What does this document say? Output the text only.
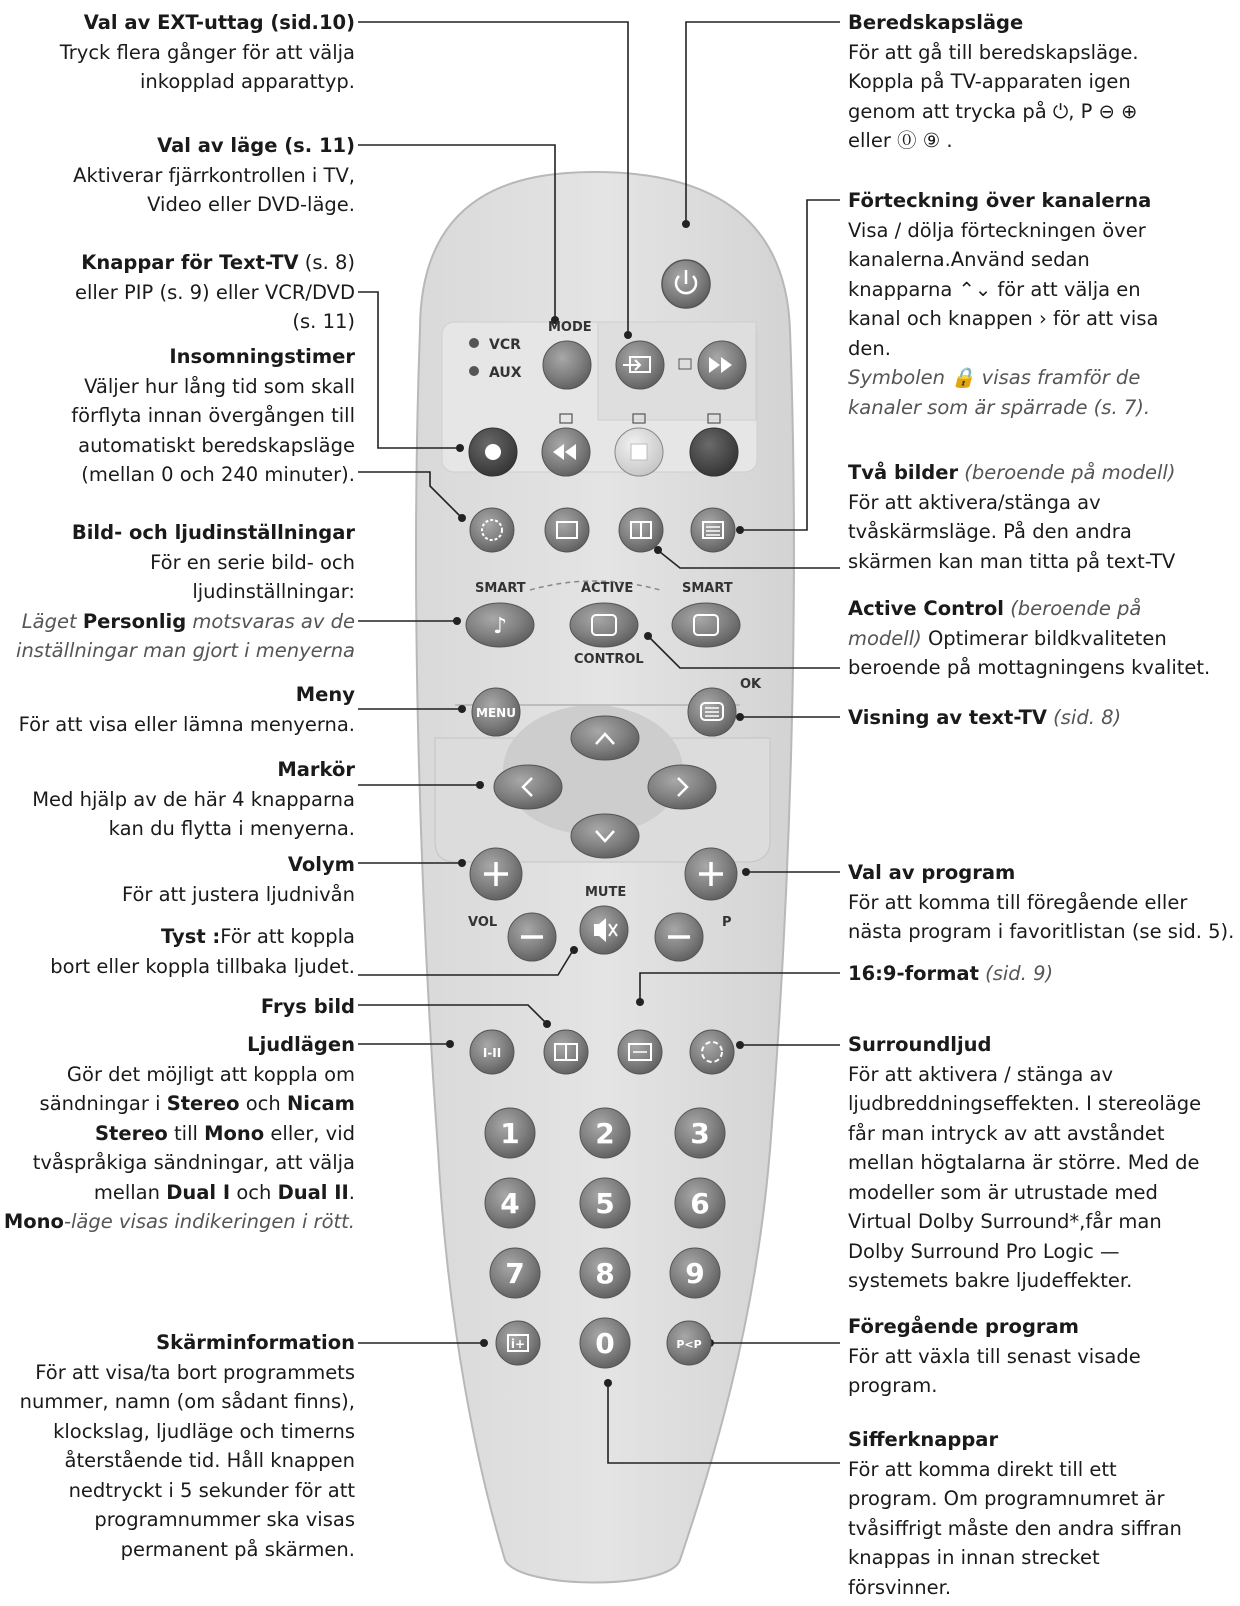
VCR
AUX
MODE
SMART	ACTIVE	SMART
♪
CONTROL
MENU
OK
MUTE
VOL	P
I-II
1	2	3
4	5	6
7	8	9
0
i+	P<P
Val av EXT-uttag (sid.10)
Tryck flera gånger för att välja
inkopplad apparattyp.
Val av läge (s. 11)
Aktiverar fjärrkontrollen i TV,
Video eller DVD-läge.
Knappar för Text-TV (s. 8)
eller PIP (s. 9) eller VCR/DVD
(s. 11)
Insomningstimer
Väljer hur lång tid som skall
förflyta innan övergången till
automatiskt beredskapsläge
(mellan 0 och 240 minuter).
Bild- och ljudinställningar
För en serie bild- och
ljudinställningar:
Läget Personlig motsvaras av de
inställningar man gjort i menyerna
Meny
För att visa eller lämna menyerna.
Markör
Med hjälp av de här 4 knapparna
kan du flytta i menyerna.
Volym
För att justera ljudnivån
Tyst :För att koppla
bort eller koppla tillbaka ljudet.
Frys bild
Ljudlägen
Gör det möjligt att koppla om
sändningar i Stereo och Nicam
Stereo till Mono eller, vid
tvåspråkiga sändningar, att välja
mellan Dual I och Dual II.
Mono-läge visas indikeringen i rött.
Skärminformation
För att visa/ta bort programmets
nummer, namn (om sådant finns),
klockslag, ljudläge och timerns
återstående tid. Håll knappen
nedtryckt i 5 sekunder för att
programnummer ska visas
permanent på skärmen.
Beredskapsläge
För att gå till beredskapsläge.
Koppla på TV-apparaten igen
genom att trycka på ⏻, P ⊖ ⊕
eller ⓪ ⑨ .
Förteckning över kanalerna
Visa / dölja förteckningen över
kanalerna.Använd sedan
knapparna ⌃⌄ för att välja en
kanal och knappen › för att visa
den.
Symbolen 🔒 visas framför de
kanaler som är spärrade (s. 7).
Två bilder (beroende på modell)
För att aktivera/stänga av
tvåskärmsläge. På den andra
skärmen kan man titta på text-TV
Active Control (beroende på
modell) Optimerar bildkvaliteten
beroende på mottagningens kvalitet.
Visning av text-TV (sid. 8)
Val av program
För att komma till föregående eller
nästa program i favoritlistan (se sid. 5).
16:9-format (sid. 9)
Surroundljud
För att aktivera / stänga av
ljudbreddningseffekten. I stereoläge
får man intryck av att avståndet
mellan högtalarna är större. Med de
modeller som är utrustade med
Virtual Dolby Surround*,får man
Dolby Surround Pro Logic —
systemets bakre ljudeffekter.
Föregående program
För att växla till senast visade
program.
Sifferknappar
För att komma direkt till ett
program. Om programnumret är
tvåsiffrigt måste den andra siffran
knappas in innan strecket
försvinner.
